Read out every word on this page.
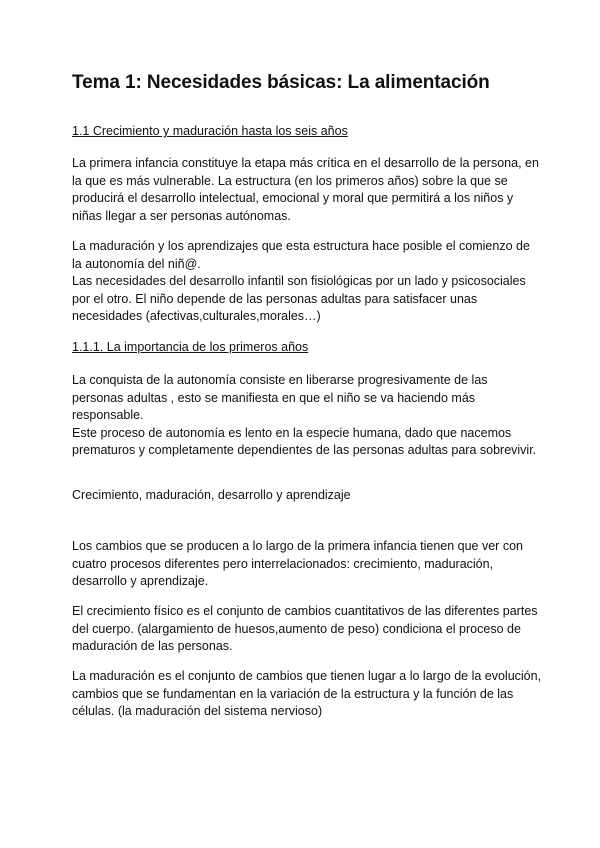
Tema 1: Necesidades básicas: La alimentación

1.1 Crecimiento y maduración hasta los seis años

La primera infancia constituye la etapa más crítica en el desarrollo de la persona, en
la que es más vulnerable. La estructura (en los primeros años) sobre la que se
producirá el desarrollo intelectual, emocional y moral que permitirá a los niños y
niñas llegar a ser personas autónomas.

La maduración y los aprendizajes que esta estructura hace posible el comienzo de
la autonomía del niñ@.
Las necesidades del desarrollo infantil son fisiológicas por un lado y psicosociales
por el otro. El niño depende de las personas adultas para satisfacer unas
necesidades (afectivas,culturales,morales…)

1.1.1. La importancia de los primeros años

La conquista de la autonomía consiste en liberarse progresivamente de las
personas adultas , esto se manifiesta en que el niño se va haciendo más
responsable.
Este proceso de autonomía es lento en la especie humana, dado que nacemos
prematuros y completamente dependientes de las personas adultas para sobrevivir.

Crecimiento, maduración, desarrollo y aprendizaje

Los cambios que se producen a lo largo de la primera infancia tienen que ver con
cuatro procesos diferentes pero interrelacionados: crecimiento, maduración,
desarrollo y aprendizaje.

El crecimiento físico es el conjunto de cambios cuantitativos de las diferentes partes
del cuerpo. (alargamiento de huesos,aumento de peso) condiciona el proceso de
maduración de las personas.

La maduración es el conjunto de cambios que tienen lugar a lo largo de la evolución,
cambios que se fundamentan en la variación de la estructura y la función de las
células. (la maduración del sistema nervioso)
